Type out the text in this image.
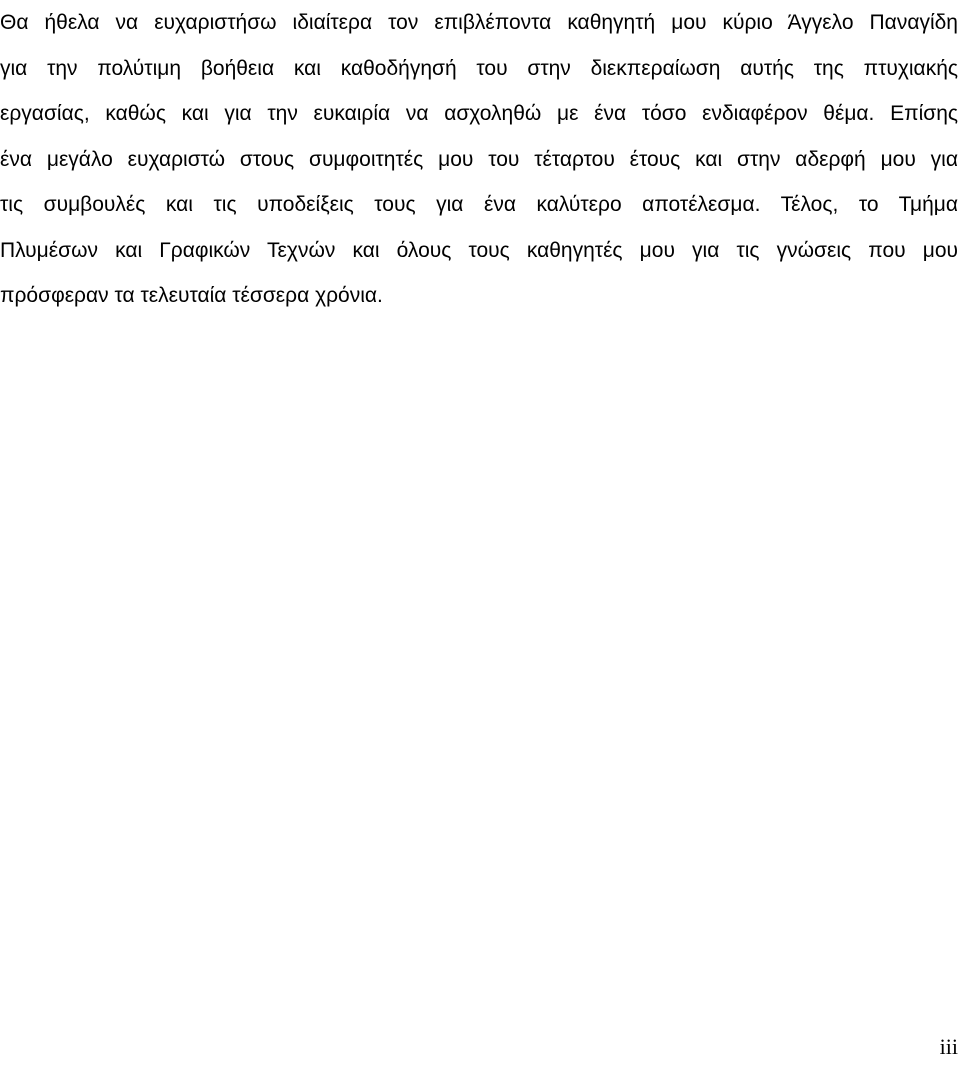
Θα ήθελα να ευχαριστήσω ιδιαίτερα τον επιβλέποντα καθηγητή μου κύριο Άγγελο Παναγίδη
για την πολύτιμη βοήθεια και καθοδήγησή του στην διεκπεραίωση αυτής της πτυχιακής
εργασίας, καθώς και για την ευκαιρία να ασχοληθώ με ένα τόσο ενδιαφέρον θέμα. Επίσης
ένα μεγάλο ευχαριστώ στους συμφοιτητές μου του τέταρτου έτους και στην αδερφή μου για
τις συμβουλές και τις υποδείξεις τους για ένα καλύτερο αποτέλεσμα. Τέλος, το Τμήμα
Πλυμέσων και Γραφικών Τεχνών και όλους τους καθηγητές μου για τις γνώσεις που μου
πρόσφεραν τα τελευταία τέσσερα χρόνια.
iii
